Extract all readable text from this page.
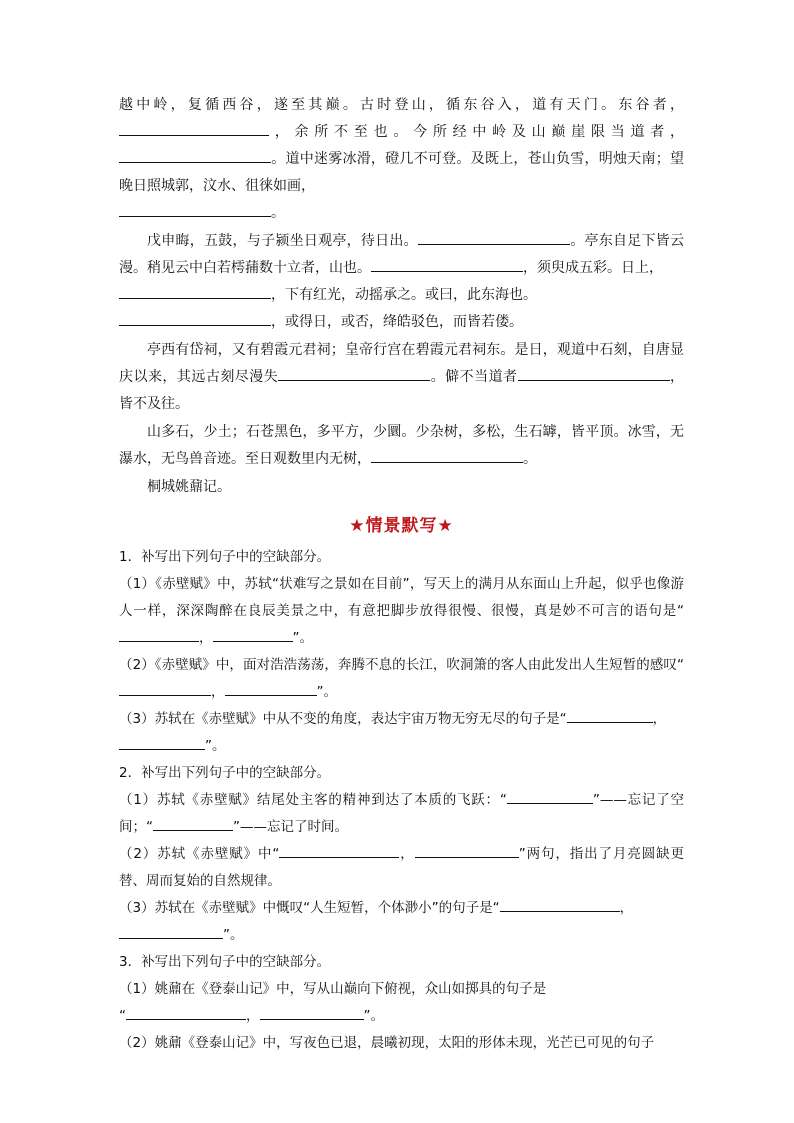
越中岭，复循西谷，遂至其巅。古时登山，循东谷入，道有天门。东谷者，，余所不至也。今所经中岭及山巅崖限当道者，。道中迷雾冰滑，磴几不可登。及既上，苍山负雪，明烛天南；望晚日照城郭，汶水、徂徕如画，
。

戊申晦，五鼓，与子颍坐日观亭，待日出。	。亭东自足下皆云漫。稍见云中白若樗蒱数十立者，山也。	，须臾成五彩。日上，
，下有红光，动摇承之。或曰，此东海也。
，或得日，或否，绛皓驳色，而皆若偻。

亭西有岱祠，又有碧霞元君祠；皇帝行宫在碧霞元君祠东。是日，观道中石刻，自唐显庆以来，其远古刻尽漫失	。僻不当道者	，皆不及往。

山多石，少土；石苍黑色，多平方，少圜。少杂树，多松，生石罅，皆平顶。冰雪，无瀑水，无鸟兽音迹。至日观数里内无树，	。

桐城姚鼐记。

★情景默写★

1．补写出下列句子中的空缺部分。

（1）《赤壁赋》中，苏轼“状难写之景如在目前”，写天上的满月从东面山上升起，似乎也像游人一样，深深陶醉在良辰美景之中，有意把脚步放得很慢、很慢，真是妙不可言的语句是“，	”。

（2）《赤壁赋》中，面对浩浩荡荡，奔腾不息的长江，吹洞箫的客人由此发出人生短暂的感叹“，	”。

（3）苏轼在《赤壁赋》中从不变的角度，表达宇宙万物无穷无尽的句子是“	，
”。

2．补写出下列句子中的空缺部分。

（1）苏轼《赤壁赋》结尾处主客的精神到达了本质的飞跃：“	”——忘记了空间；“	”——忘记了时间。

（2）苏轼《赤壁赋》中“	，	”两句，指出了月亮圆缺更替、周而复始的自然规律。

（3）苏轼在《赤壁赋》中慨叹“人生短暂，个体渺小”的句子是“	，
”。

3．补写出下列句子中的空缺部分。

（1）姚鼐在《登泰山记》中，写从山巅向下俯视，众山如掷具的句子是
“	，	”。

（2）姚鼐《登泰山记》中，写夜色已退，晨曦初现，太阳的形体未现，光芒已可见的句子
